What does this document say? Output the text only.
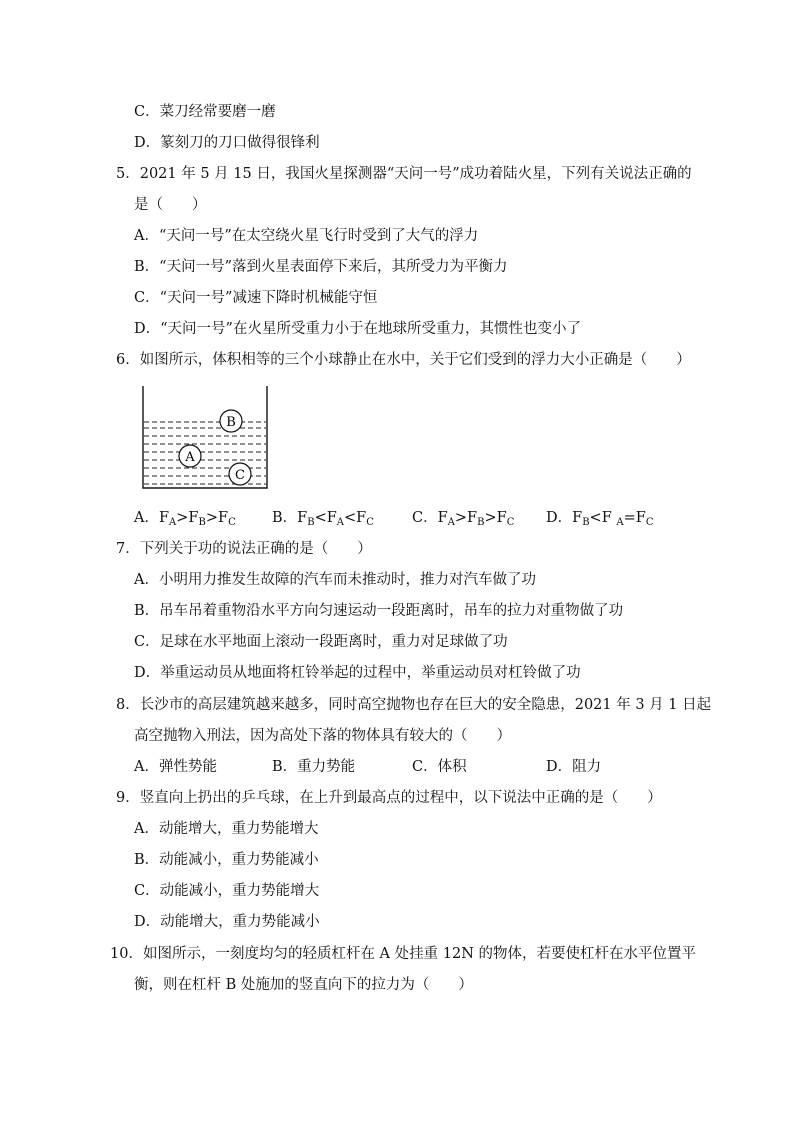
C．菜刀经常要磨一磨
D．篆刻刀的刀口做得很锋利
5．2021 年 5 月 15 日，我国火星探测器“天问一号”成功着陆火星，下列有关说法正确的
是（　　）
A．“天问一号”在太空绕火星飞行时受到了大气的浮力
B．“天问一号”落到火星表面停下来后，其所受力为平衡力
C．“天问一号”减速下降时机械能守恒
D．“天问一号”在火星所受重力小于在地球所受重力，其惯性也变小了
6．如图所示，体积相等的三个小球静止在水中，关于它们受到的浮力大小正确是（　　）
B
A
C
A．$F_A>F_B>F_C$	B．$F_B<F_A<F_C$	C．$F_A>F_B>F_C$ D．$F_B<F$ $_A=F_C$
7．下列关于功的说法正确的是（　　）
A．小明用力推发生故障的汽车而未推动时，推力对汽车做了功
B．吊车吊着重物沿水平方向匀速运动一段距离时，吊车的拉力对重物做了功
C．足球在水平地面上滚动一段距离时，重力对足球做了功
D．举重运动员从地面将杠铃举起的过程中，举重运动员对杠铃做了功
8．长沙市的高层建筑越来越多，同时高空抛物也存在巨大的安全隐患，2021 年 3 月 1 日起
高空抛物入刑法，因为高处下落的物体具有较大的（　　）
A．弹性势能	B．重力势能	C．体积	D．阻力
9．竖直向上扔出的乒乓球，在上升到最高点的过程中，以下说法中正确的是（　　）
A．动能增大，重力势能增大
B．动能减小，重力势能减小
C．动能减小，重力势能增大
D．动能增大，重力势能减小
10．如图所示，一刻度均匀的轻质杠杆在 A 处挂重 12N 的物体，若要使杠杆在水平位置平
衡，则在杠杆 B 处施加的竖直向下的拉力为（　　）
